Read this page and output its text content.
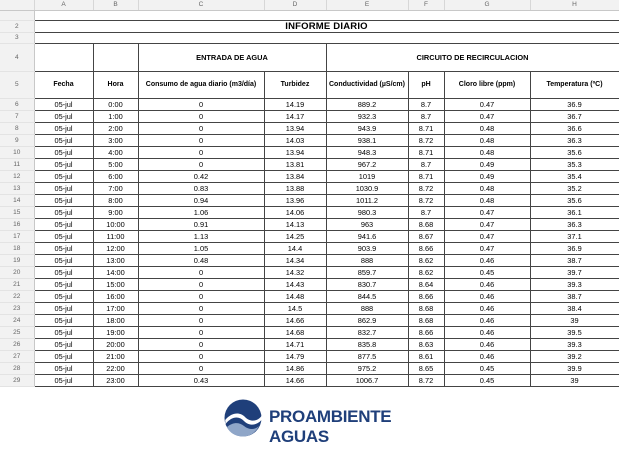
	A	B	C	D	E	F	G	H

2	INFORME DIARIO							
3								
4			ENTRADA DE AGUA		CIRCUITO DE RECIRCULACION			
5	Fecha	Hora	Consumo de agua diario (m3/día)	Turbidez	Conductividad (µS/cm)	pH	Cloro libre (ppm)	Temperatura (ºC)
6	05-jul	0:00	0	14.19	889.2	8.7	0.47	36.9
7	05-jul	1:00	0	14.17	932.3	8.7	0.47	36.7
8	05-jul	2:00	0	13.94	943.9	8.71	0.48	36.6
9	05-jul	3:00	0	14.03	938.1	8.72	0.48	36.3
10	05-jul	4:00	0	13.94	948.3	8.71	0.48	35.6
11	05-jul	5:00	0	13.81	967.2	8.7	0.49	35.3
12	05-jul	6:00	0.42	13.84	1019	8.71	0.49	35.4
13	05-jul	7:00	0.83	13.88	1030.9	8.72	0.48	35.2
14	05-jul	8:00	0.94	13.96	1011.2	8.72	0.48	35.6
15	05-jul	9:00	1.06	14.06	980.3	8.7	0.47	36.1
16	05-jul	10:00	0.91	14.13	963	8.68	0.47	36.3
17	05-jul	11:00	1.13	14.25	941.6	8.67	0.47	37.1
18	05-jul	12:00	1.05	14.4	903.9	8.66	0.47	36.9
19	05-jul	13:00	0.48	14.34	888	8.62	0.46	38.7
20	05-jul	14:00	0	14.32	859.7	8.62	0.45	39.7
21	05-jul	15:00	0	14.43	830.7	8.64	0.46	39.3
22	05-jul	16:00	0	14.48	844.5	8.66	0.46	38.7
23	05-jul	17:00	0	14.5	888	8.68	0.46	38.4
24	05-jul	18:00	0	14.66	862.9	8.68	0.46	39
25	05-jul	19:00	0	14.68	832.7	8.66	0.46	39.5
26	05-jul	20:00	0	14.71	835.8	8.63	0.46	39.3
27	05-jul	21:00	0	14.79	877.5	8.61	0.46	39.2
28	05-jul	22:00	0	14.86	975.2	8.65	0.45	39.9
29	05-jul	23:00	0.43	14.66	1006.7	8.72	0.45	39
PROAMBIENTE AGUAS
